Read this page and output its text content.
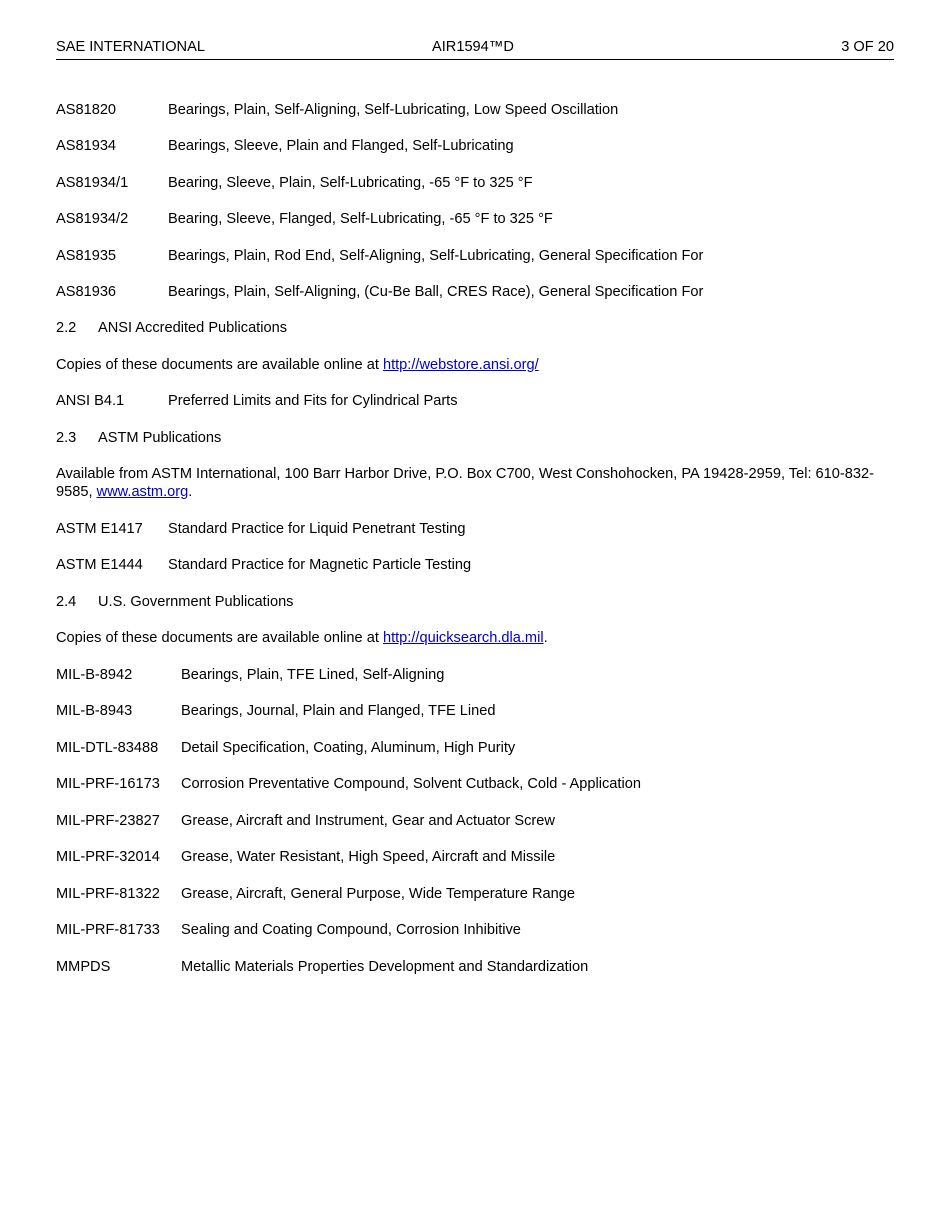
SAE INTERNATIONAL	AIR1594™D	3 OF 20
AS81820	Bearings, Plain, Self-Aligning, Self-Lubricating, Low Speed Oscillation
AS81934	Bearings, Sleeve, Plain and Flanged, Self-Lubricating
AS81934/1	Bearing, Sleeve, Plain, Self-Lubricating, -65 °F to 325 °F
AS81934/2	Bearing, Sleeve, Flanged, Self-Lubricating, -65 °F to 325 °F
AS81935	Bearings, Plain, Rod End, Self-Aligning, Self-Lubricating, General Specification For
AS81936	Bearings, Plain, Self-Aligning, (Cu-Be Ball, CRES Race), General Specification For
2.2 ANSI Accredited Publications
Copies of these documents are available online at http://webstore.ansi.org/
ANSI B4.1	Preferred Limits and Fits for Cylindrical Parts
2.3 ASTM Publications
Available from ASTM International, 100 Barr Harbor Drive, P.O. Box C700, West Conshohocken, PA 19428-2959, Tel: 610-832-9585, www.astm.org.
ASTM E1417 Standard Practice for Liquid Penetrant Testing
ASTM E1444 Standard Practice for Magnetic Particle Testing
2.4 U.S. Government Publications
Copies of these documents are available online at http://quicksearch.dla.mil.
MIL-B-8942	Bearings, Plain, TFE Lined, Self-Aligning
MIL-B-8943	Bearings, Journal, Plain and Flanged, TFE Lined
MIL-DTL-83488 Detail Specification, Coating, Aluminum, High Purity
MIL-PRF-16173 Corrosion Preventative Compound, Solvent Cutback, Cold - Application
MIL-PRF-23827 Grease, Aircraft and Instrument, Gear and Actuator Screw
MIL-PRF-32014 Grease, Water Resistant, High Speed, Aircraft and Missile
MIL-PRF-81322 Grease, Aircraft, General Purpose, Wide Temperature Range
MIL-PRF-81733 Sealing and Coating Compound, Corrosion Inhibitive
MMPDS	Metallic Materials Properties Development and Standardization
